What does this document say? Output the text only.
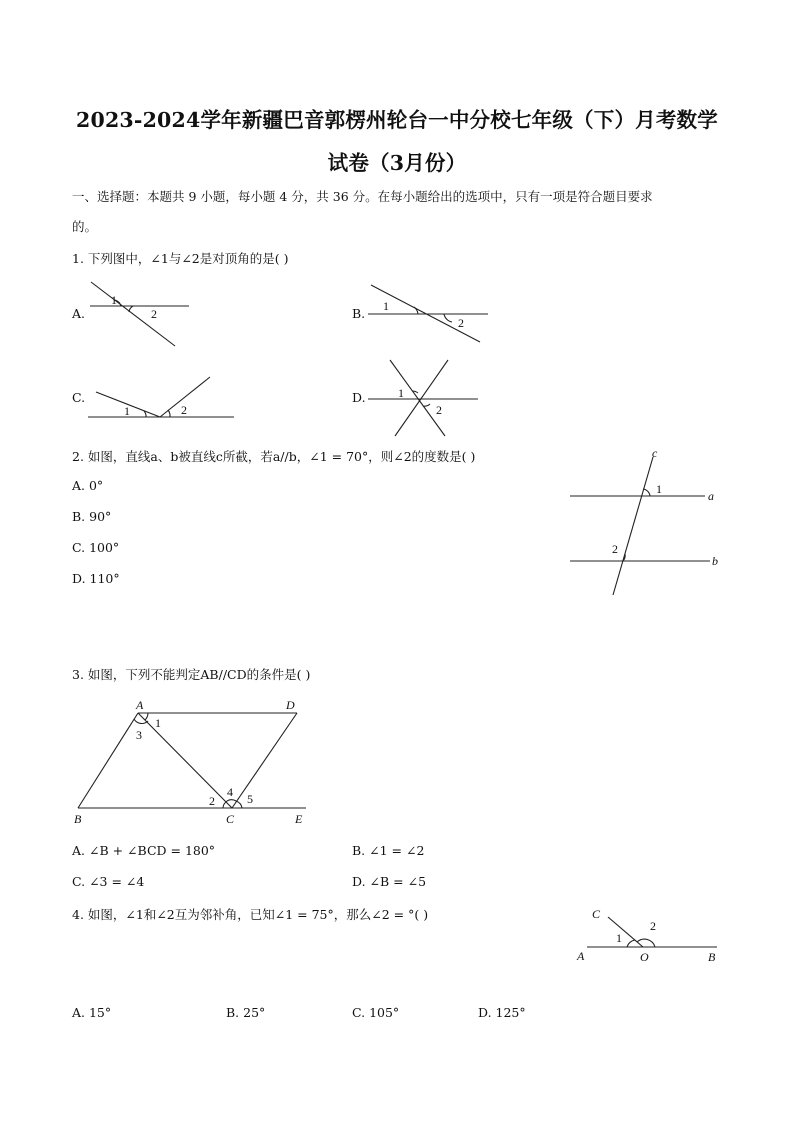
2023-2024学年新疆巴音郭楞州轮台一中分校七年级（下）月考数学
试卷（3月份）
一、选择题：本题共 9 小题，每小题 4 分，共 36 分。在每小题给出的选项中，只有一项是符合题目要求
的。
1. 下列图中，∠1与∠2是对顶角的是( )
A.
1
2	B. 1
2
C.
1	2
D.	1
2
2. 如图，直线a、b被直线c所截，若a//b，∠1 = 70°，则∠2的度数是( )
A. 0°
B. 90°
C. 100°
D. 110°
c
a
b
1
2
3. 如图，下列不能判定AB//CD的条件是( )
A	D
B	C	E
1
3
2
4 5
A. ∠B + ∠BCD = 180°	B. ∠1 = ∠2
C. ∠3 = ∠4	D. ∠B = ∠5
4. 如图，∠1和∠2互为邻补角，已知∠1 = 75°，那么∠2 = °( )	C
A	O	B
1
2
A. 15°	B. 25°	C. 105°	D. 125°
